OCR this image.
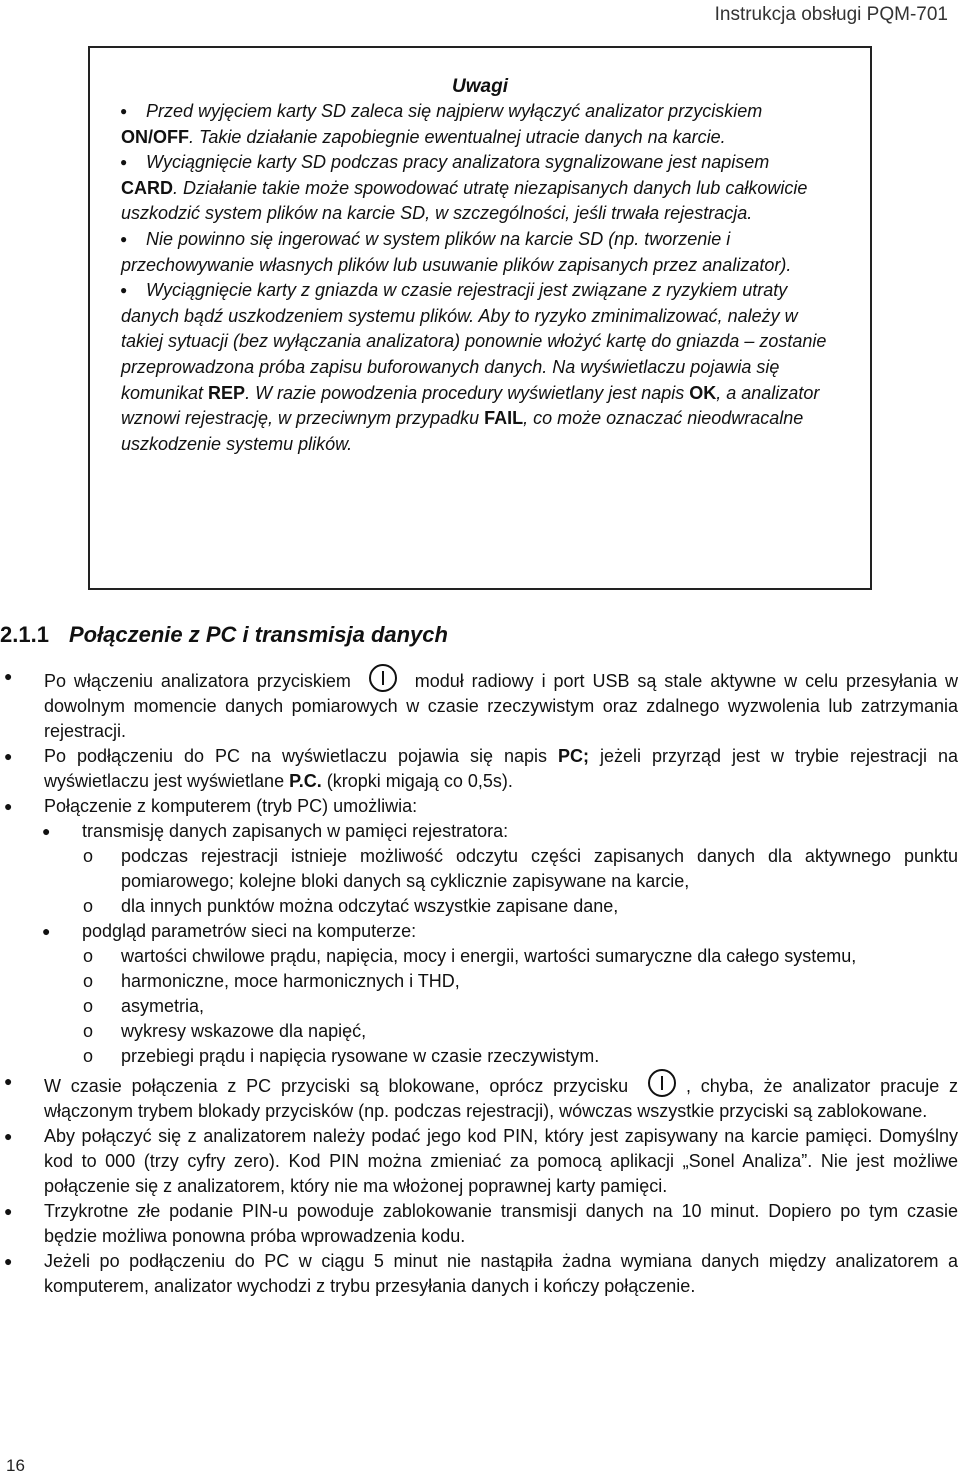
Instrukcja obsługi PQM-701
Uwagi
●	Przed wyjęciem karty SD zaleca się najpierw wyłączyć analizator przyciskiem ON/OFF. Takie działanie zapobiegnie ewentualnej utracie danych na karcie.
●	Wyciągnięcie karty SD podczas pracy analizatora sygnalizowane jest napisem CARD. Działanie takie może spowodować utratę niezapisanych danych lub całkowicie uszkodzić system plików na karcie SD, w szczególności, jeśli trwała rejestracja.
●	Nie powinno się ingerować w system plików na karcie SD (np. tworzenie i przechowywanie własnych plików lub usuwanie plików zapisanych przez analizator).
●	Wyciągnięcie karty z gniazda w czasie rejestracji jest związane z ryzykiem utraty danych bądź uszkodzeniem systemu plików. Aby to ryzyko zminimalizować, należy w takiej sytuacji (bez wyłączania analizatora) ponownie włożyć kartę do gniazda – zostanie przeprowadzona próba zapisu buforowanych danych. Na wyświetlaczu pojawia się komunikat REP. W razie powodzenia procedury wyświetlany jest napis OK, a analizator wznowi rejestrację, w przeciwnym przypadku FAIL, co może oznaczać nieodwracalne uszkodzenie systemu plików.
2.1.1 Połączenie z PC i transmisja danych
● Po włączeniu analizatora przyciskiem	moduł radiowy i port USB są stale aktywne w celu przesyłania w dowolnym momencie danych pomiarowych w czasie rzeczywistym oraz zdalnego wyzwolenia lub zatrzymania rejestracji.
● Po podłączeniu do PC na wyświetlaczu pojawia się napis PC; jeżeli przyrząd jest w trybie rejestracji na wyświetlaczu jest wyświetlane P.C. (kropki migają co 0,5s).
● Połączenie z komputerem (tryb PC) umożliwia:
● transmisję danych zapisanych w pamięci rejestratora:
o podczas rejestracji istnieje możliwość odczytu części zapisanych danych dla aktywnego punktu pomiarowego; kolejne bloki danych są cyklicznie zapisywane na karcie,
o dla innych punktów można odczytać wszystkie zapisane dane,
● podgląd parametrów sieci na komputerze:
o wartości chwilowe prądu, napięcia, mocy i energii, wartości sumaryczne dla całego systemu,
o harmoniczne, moce harmonicznych i THD,
o asymetria,
o wykresy wskazowe dla napięć,
o przebiegi prądu i napięcia rysowane w czasie rzeczywistym.
● W czasie połączenia z PC przyciski są blokowane, oprócz przycisku	, chyba, że analizator pracuje z włączonym trybem blokady przycisków (np. podczas rejestracji), wówczas wszystkie przyciski są zablokowane.
● Aby połączyć się z analizatorem należy podać jego kod PIN, który jest zapisywany na karcie pamięci. Domyślny kod to 000 (trzy cyfry zero). Kod PIN można zmieniać za pomocą aplikacji „Sonel Analiza”. Nie jest możliwe połączenie się z analizatorem, który nie ma włożonej poprawnej karty pamięci.
● Trzykrotne złe podanie PIN-u powoduje zablokowanie transmisji danych na 10 minut. Dopiero po tym czasie będzie możliwa ponowna próba wprowadzenia kodu.
● Jeżeli po podłączeniu do PC w ciągu 5 minut nie nastąpiła żadna wymiana danych między analizatorem a komputerem, analizator wychodzi z trybu przesyłania danych i kończy połączenie.
16
